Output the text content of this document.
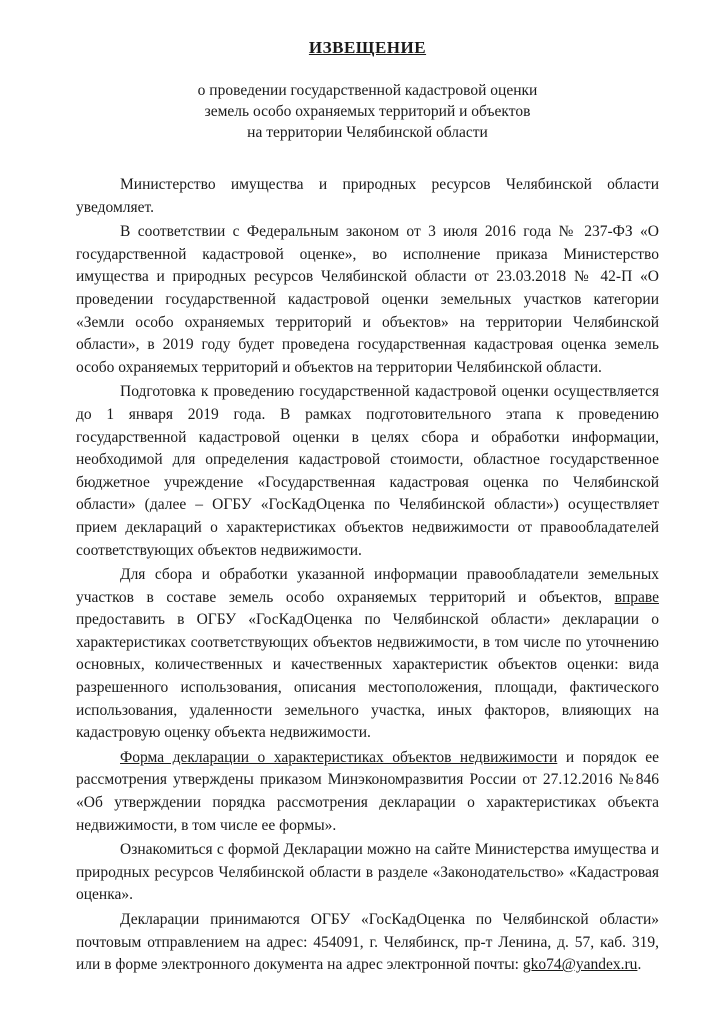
ИЗВЕЩЕНИЕ
о проведении государственной кадастровой оценки
земель особо охраняемых территорий и объектов
на территории Челябинской области

Министерство имущества и природных ресурсов Челябинской области уведомляет.

В соответствии с Федеральным законом от 3 июля 2016 года № 237-ФЗ «О государственной кадастровой оценке», во исполнение приказа Министерство имущества и природных ресурсов Челябинской области от 23.03.2018 № 42-П «О проведении государственной кадастровой оценки земельных участков категории «Земли особо охраняемых территорий и объектов» на территории Челябинской области», в 2019 году будет проведена государственная кадастровая оценка земель особо охраняемых территорий и объектов на территории Челябинской области.

Подготовка к проведению государственной кадастровой оценки осуществляется до 1 января 2019 года. В рамках подготовительного этапа к проведению государственной кадастровой оценки в целях сбора и обработки информации, необходимой для определения кадастровой стоимости, областное государственное бюджетное учреждение «Государственная кадастровая оценка по Челябинской области» (далее – ОГБУ «ГосКадОценка по Челябинской области») осуществляет прием деклараций о характеристиках объектов недвижимости от правообладателей соответствующих объектов недвижимости.

Для сбора и обработки указанной информации правообладатели земельных участков в составе земель особо охраняемых территорий и объектов, вправе предоставить в ОГБУ «ГосКадОценка по Челябинской области» декларации о характеристиках соответствующих объектов недвижимости, в том числе по уточнению основных, количественных и качественных характеристик объектов оценки: вида разрешенного использования, описания местоположения, площади, фактического использования, удаленности земельного участка, иных факторов, влияющих на кадастровую оценку объекта недвижимости.

Форма декларации о характеристиках объектов недвижимости и порядок ее рассмотрения утверждены приказом Минэкономразвития России от 27.12.2016 №846 «Об утверждении порядка рассмотрения декларации о характеристиках объекта недвижимости, в том числе ее формы».

Ознакомиться с формой Декларации можно на сайте Министерства имущества и природных ресурсов Челябинской области в разделе «Законодательство» «Кадастровая оценка».

Декларации принимаются ОГБУ «ГосКадОценка по Челябинской области» почтовым отправлением на адрес: 454091, г. Челябинск, пр-т Ленина, д. 57, каб. 319, или в форме электронного документа на адрес электронной почты: gko74@yandex.ru.
